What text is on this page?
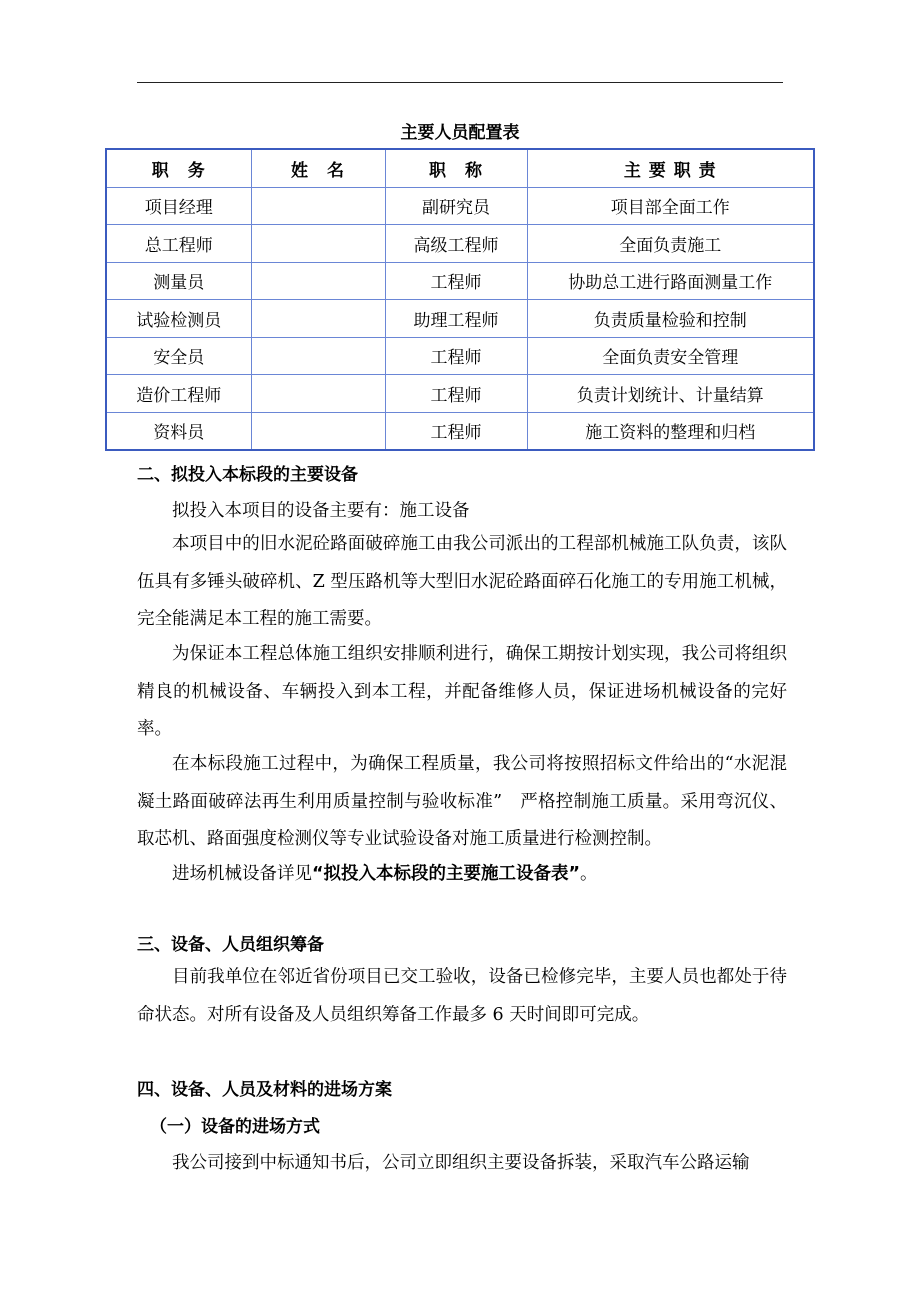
主要人员配置表
职　务	姓　名	职　称	主 要 职 责
项目经理		副研究员	项目部全面工作
总工程师		高级工程师	全面负责施工
测量员		工程师	协助总工进行路面测量工作
试验检测员		助理工程师	负责质量检验和控制
安全员		工程师	全面负责安全管理
造价工程师		工程师	负责计划统计、计量结算
资料员		工程师	施工资料的整理和归档
二、拟投入本标段的主要设备
拟投入本项目的设备主要有：施工设备
本项目中的旧水泥砼路面破碎施工由我公司派出的工程部机械施工队负责，该队伍具有多锤头破碎机、Z 型压路机等大型旧水泥砼路面碎石化施工的专用施工机械，完全能满足本工程的施工需要。
为保证本工程总体施工组织安排顺利进行，确保工期按计划实现，我公司将组织精良的机械设备、车辆投入到本工程，并配备维修人员，保证进场机械设备的完好率。
在本标段施工过程中，为确保工程质量，我公司将按照招标文件给出的“水泥混凝土路面破碎法再生利用质量控制与验收标准”　严格控制施工质量。采用弯沉仪、取芯机、路面强度检测仪等专业试验设备对施工质量进行检测控制。
进场机械设备详见“拟投入本标段的主要施工设备表”。
三、设备、人员组织筹备
目前我单位在邻近省份项目已交工验收，设备已检修完毕，主要人员也都处于待命状态。对所有设备及人员组织筹备工作最多 6 天时间即可完成。
四、设备、人员及材料的进场方案
（一）设备的进场方式
我公司接到中标通知书后，公司立即组织主要设备拆装，采取汽车公路运输
